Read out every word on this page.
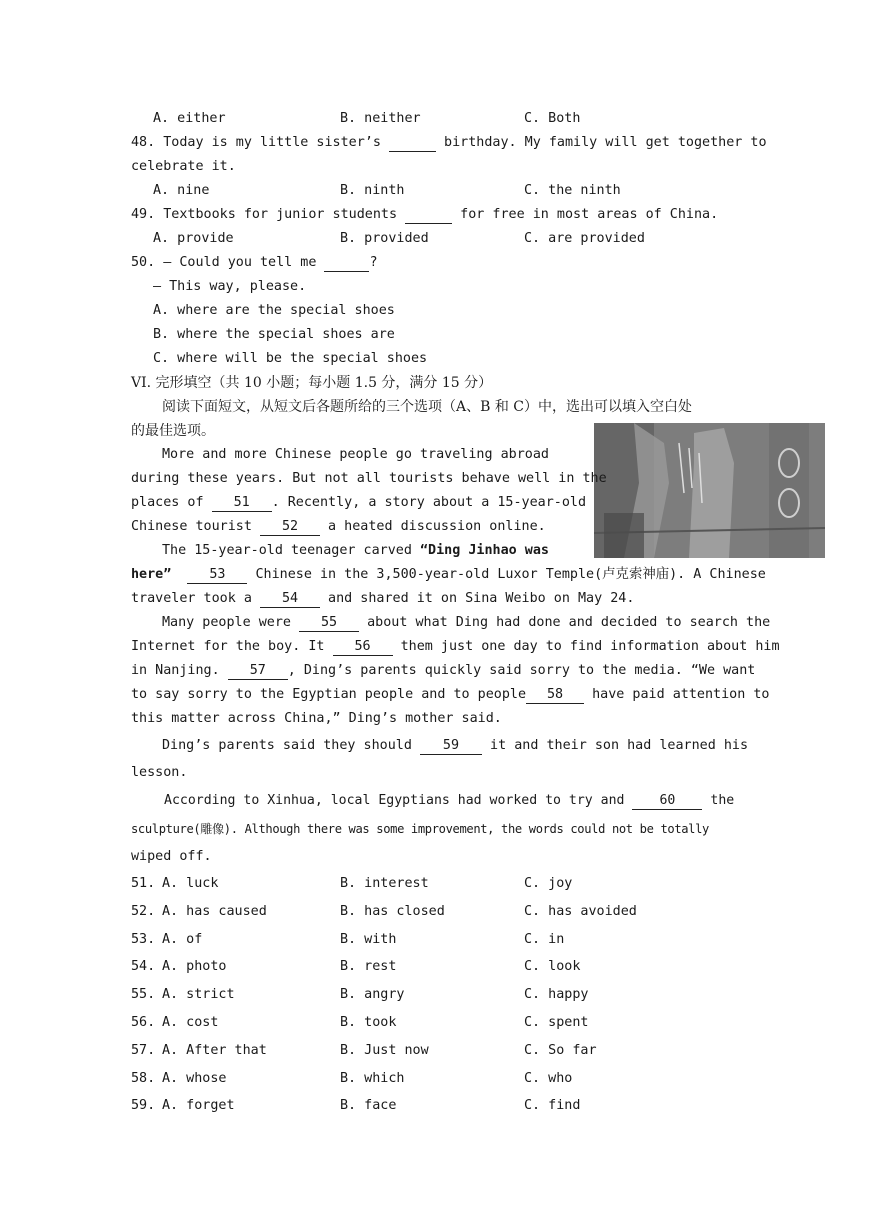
A. either	B. neither	C. Both
48. Today is my little sister’s	birthday. My family will get together to
celebrate it.
A. nine	B. ninth	C. the ninth
49. Textbooks for junior students	for free in most areas of China.
A. provide	B. provided	C. are provided
50. — Could you tell me	?
— This way, please.
A. where are the special shoes
B. where the special shoes are
C. where will be the special shoes
VI. 完形填空（共 10 小题；每小题 1.5 分，满分 15 分）
阅读下面短文，从短文后各题所给的三个选项（A、B 和 C）中，选出可以填入空白处
的最佳选项。
More and more Chinese people go traveling abroad
during these years. But not all tourists behave well in the
places of 51 . Recently, a story about a 15-year-old
Chinese tourist 52 a heated discussion online.
The 15-year-old teenager carved “Ding Jinhao was
here”	53 Chinese in the 3,500-year-old Luxor Temple(卢克索神庙). A Chinese
traveler took a 54 and shared it on Sina Weibo on May 24.
Many people were 55 about what Ding had done and decided to search the
Internet for the boy. It 56 them just one day to find information about him
in Nanjing. 57 , Ding’s parents quickly said sorry to the media. “We want
to say sorry to the Egyptian people and to people 58 have paid attention to
this matter across China,” Ding’s mother said.
Ding’s parents said they should 59 it and their son had learned his
lesson.
According to Xinhua, local Egyptians had worked to try and 60 the
sculpture(雕像). Although there was some improvement, the words could not be totally
wiped off.
51. A. luck	B. interest	C. joy
52. A. has caused	B. has closed	C. has avoided
53. A. of	B. with	C. in
54. A. photo	B. rest	C. look
55. A. strict	B. angry	C. happy
56. A. cost	B. took	C. spent
57. A. After that	B. Just now	C. So far
58. A. whose	B. which	C. who
59. A. forget	B. face	C. find
